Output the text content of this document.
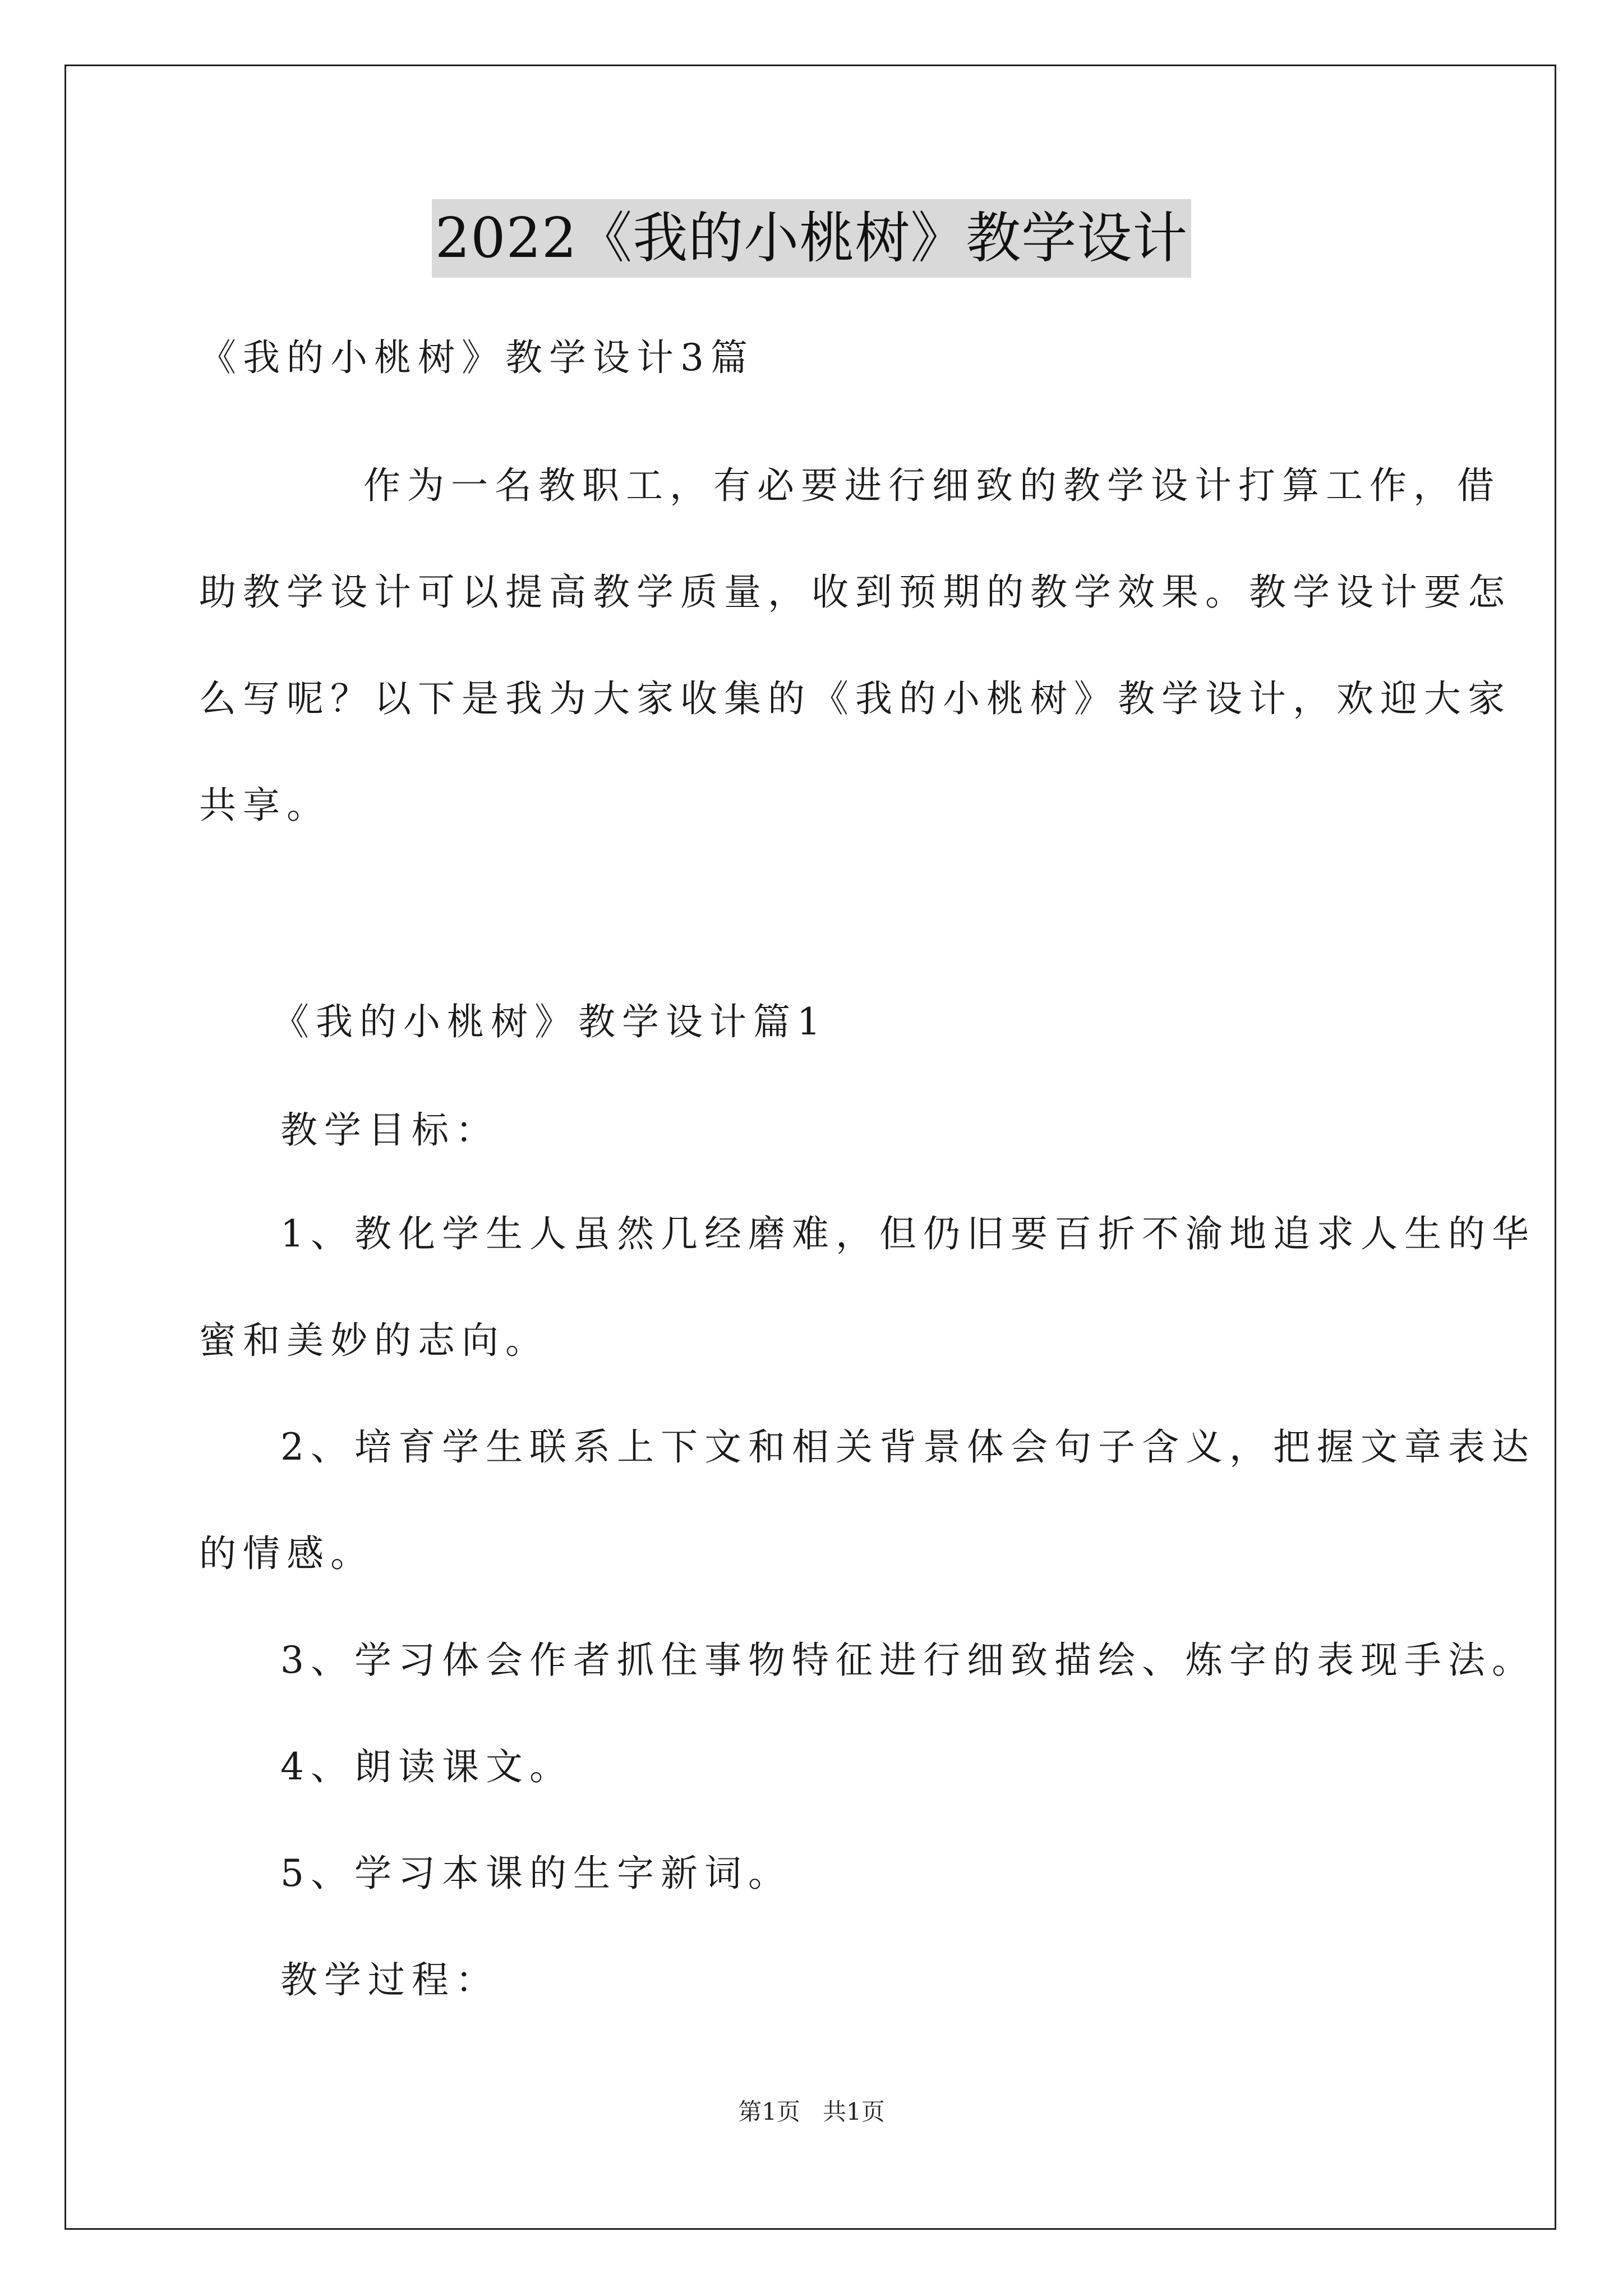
2022《我的小桃树》教学设计
《我的小桃树》教学设计3篇
作为一名教职工，有必要进行细致的教学设计打算工作，借
助教学设计可以提高教学质量，收到预期的教学效果。教学设计要怎
么写呢？以下是我为大家收集的《我的小桃树》教学设计，欢迎大家
共享。
《我的小桃树》教学设计篇1
教学目标：
1、教化学生人虽然几经磨难，但仍旧要百折不渝地追求人生的华
蜜和美妙的志向。
2、培育学生联系上下文和相关背景体会句子含义，把握文章表达
的情感。
3、学习体会作者抓住事物特征进行细致描绘、炼字的表现手法。
4、朗读课文。
5、学习本课的生字新词。
教学过程：
第1页   共1页
